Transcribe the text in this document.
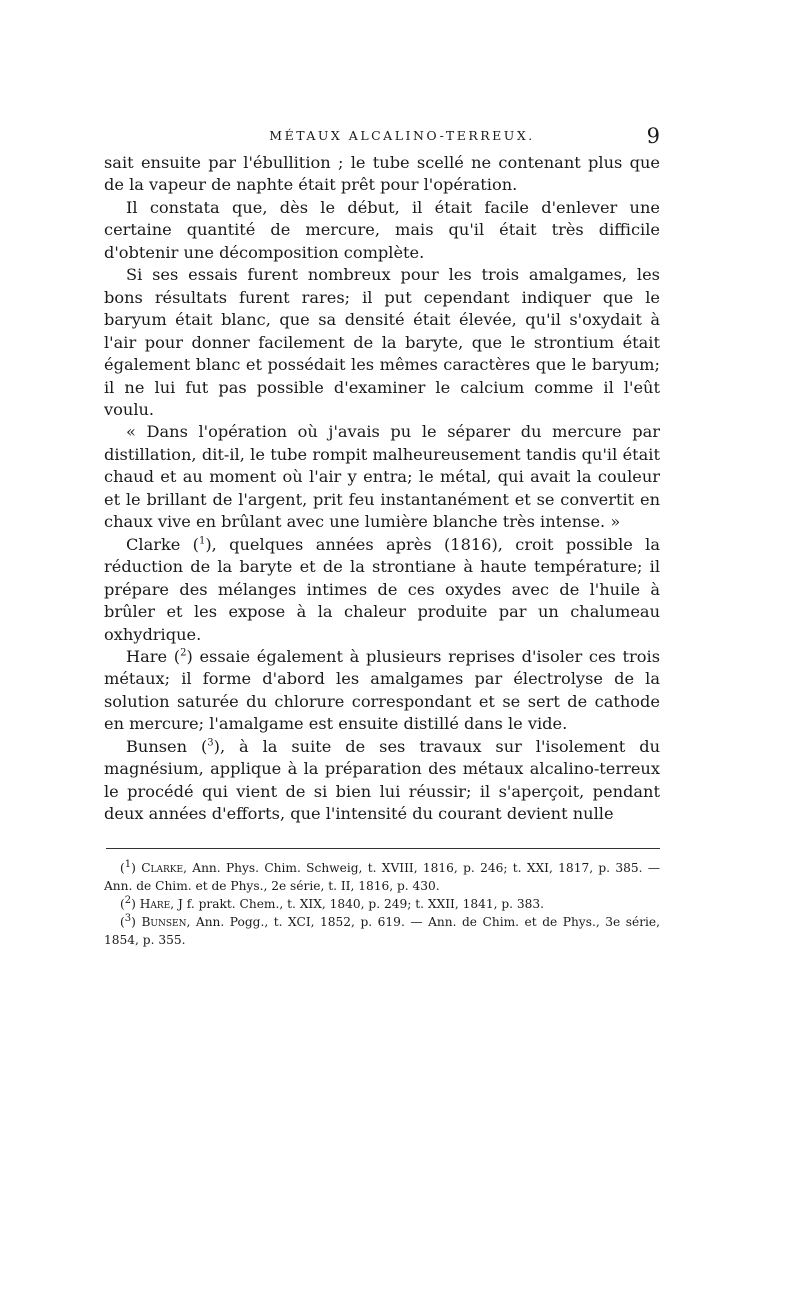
MÉTAUX ALCALINO-TERREUX.	9

sait ensuite par l'ébullition ; le tube scellé ne contenant plus que de la vapeur de naphte était prêt pour l'opération.

Il constata que, dès le début, il était facile d'enlever une certaine quantité de mercure, mais qu'il était très difficile d'obtenir une décomposition complète.

Si ses essais furent nombreux pour les trois amalgames, les bons résultats furent rares; il put cependant indiquer que le baryum était blanc, que sa densité était élevée, qu'il s'oxydait à l'air pour donner facilement de la baryte, que le strontium était également blanc et possédait les mêmes caractères que le baryum; il ne lui fut pas possible d'examiner le calcium comme il l'eût voulu.

« Dans l'opération où j'avais pu le séparer du mercure par distillation, dit-il, le tube rompit malheureusement tandis qu'il était chaud et au moment où l'air y entra; le métal, qui avait la couleur et le brillant de l'argent, prit feu instantanément et se convertit en chaux vive en brûlant avec une lumière blanche très intense. »

Clarke ($^1$), quelques années après (1816), croit possible la réduction de la baryte et de la strontiane à haute température; il prépare des mélanges intimes de ces oxydes avec de l'huile à brûler et les expose à la chaleur produite par un chalumeau oxhydrique.

Hare ($^2$) essaie également à plusieurs reprises d'isoler ces trois métaux; il forme d'abord les amalgames par électrolyse de la solution saturée du chlorure correspondant et se sert de cathode en mercure; l'amalgame est ensuite distillé dans le vide.

Bunsen ($^3$), à la suite de ses travaux sur l'isolement du magnésium, applique à la préparation des métaux alcalino-terreux le procédé qui vient de si bien lui réussir; il s'aperçoit, pendant deux années d'efforts, que l'intensité du courant devient nulle

($^1$) Clarke, Ann. Phys. Chim. Schweig, t. XVIII, 1816, p. 246; t. XXI, 1817, p. 385. — Ann. de Chim. et de Phys., 2e série, t. II, 1816, p. 430.

($^2$) Hare, J f. prakt. Chem., t. XIX, 1840, p. 249; t. XXII, 1841, p. 383.

($^3$) Bunsen, Ann. Pogg., t. XCI, 1852, p. 619. — Ann. de Chim. et de Phys., 3e série, 1854, p. 355.
